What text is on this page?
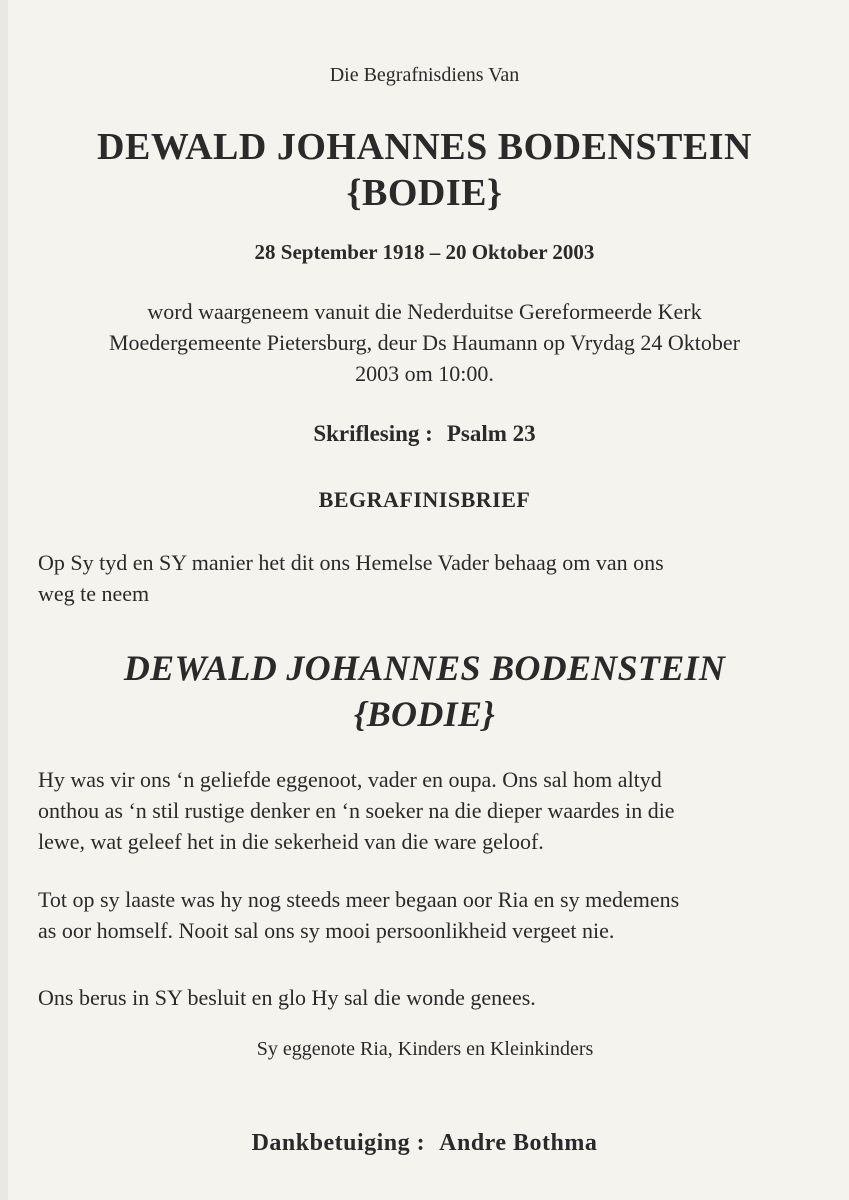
Die Begrafnisdiens Van
DEWALD JOHANNES BODENSTEIN
{BODIE}
28 September 1918 – 20 Oktober 2003
word waargeneem vanuit die Nederduitse Gereformeerde Kerk
Moedergemeente Pietersburg, deur Ds Haumann op Vrydag 24 Oktober
2003 om 10:00.
Skriflesing : Psalm 23
BEGRAFINISBRIEF
Op Sy tyd en SY manier het dit ons Hemelse Vader behaag om van ons
weg te neem
DEWALD JOHANNES BODENSTEIN
{BODIE}
Hy was vir ons ‘n geliefde eggenoot, vader en oupa. Ons sal hom altyd
onthou as ‘n stil rustige denker en ‘n soeker na die dieper waardes in die
lewe, wat geleef het in die sekerheid van die ware geloof.
Tot op sy laaste was hy nog steeds meer begaan oor Ria en sy medemens
as oor homself. Nooit sal ons sy mooi persoonlikheid vergeet nie.
Ons berus in SY besluit en glo Hy sal die wonde genees.
Sy eggenote Ria, Kinders en Kleinkinders
Dankbetuiging : Andre Bothma
